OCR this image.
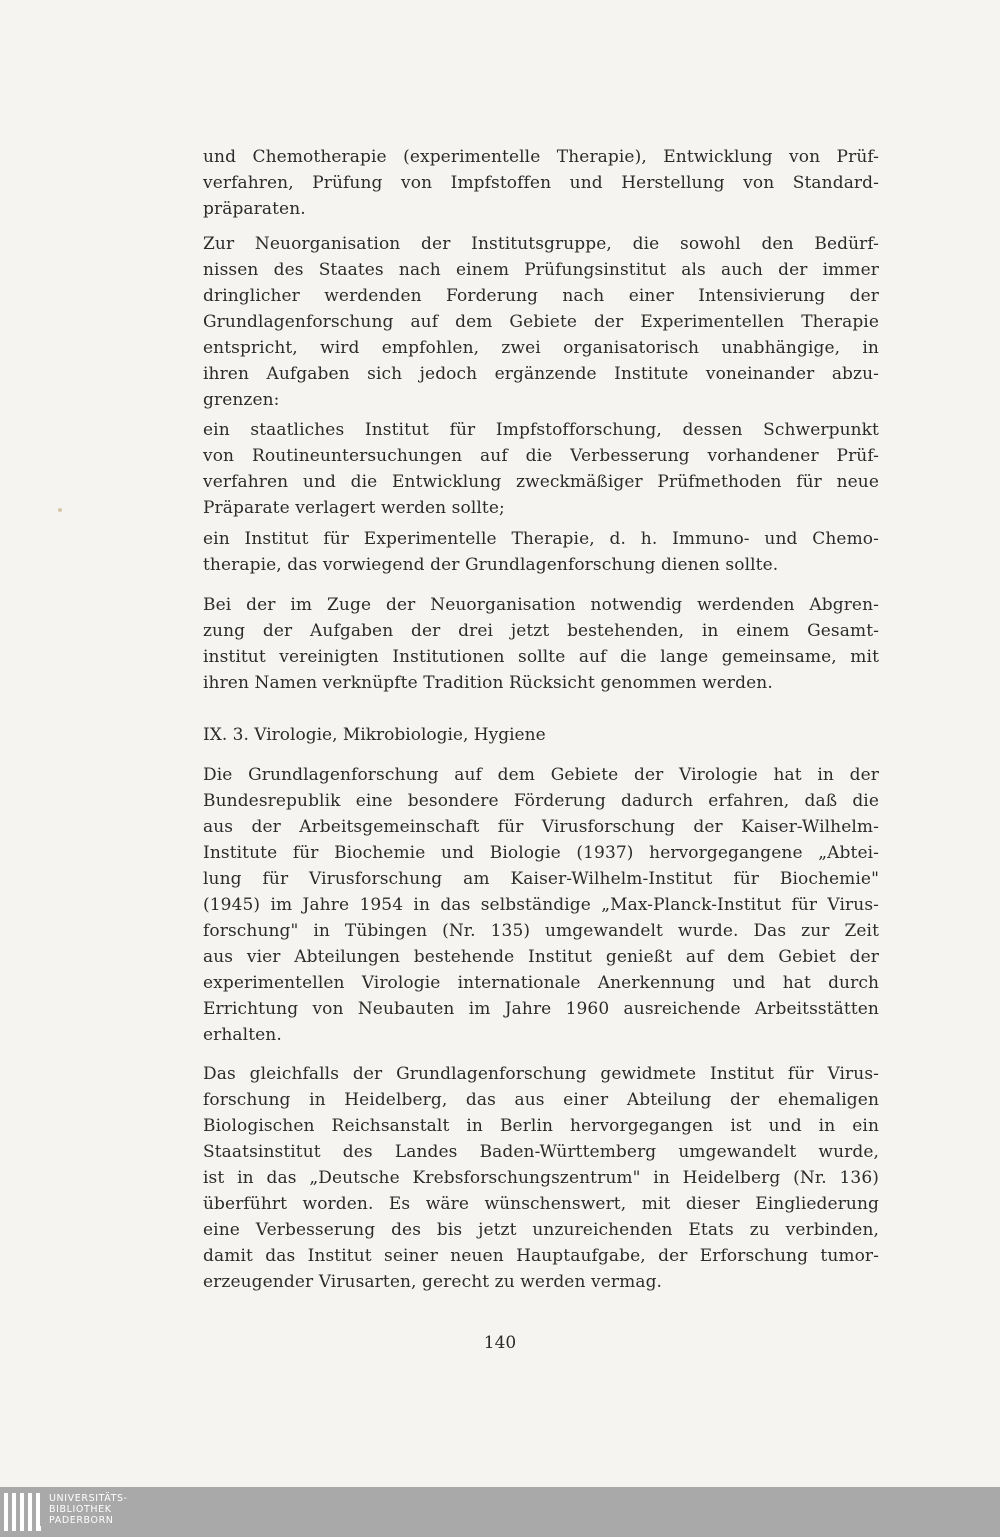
und Chemotherapie (experimentelle Therapie), Entwicklung von Prüf-
verfahren, Prüfung von Impfstoffen und Herstellung von Standard-
präparaten.
Zur Neuorganisation der Institutsgruppe, die sowohl den Bedürf-
nissen des Staates nach einem Prüfungsinstitut als auch der immer
dringlicher werdenden Forderung nach einer Intensivierung der
Grundlagenforschung auf dem Gebiete der Experimentellen Therapie
entspricht, wird empfohlen, zwei organisatorisch unabhängige, in
ihren Aufgaben sich jedoch ergänzende Institute voneinander abzu-
grenzen:
ein staatliches Institut für Impfstofforschung, dessen Schwerpunkt
von Routineuntersuchungen auf die Verbesserung vorhandener Prüf-
verfahren und die Entwicklung zweckmäßiger Prüfmethoden für neue
Präparate verlagert werden sollte;
ein Institut für Experimentelle Therapie, d. h. Immuno- und Chemo-
therapie, das vorwiegend der Grundlagenforschung dienen sollte.
Bei der im Zuge der Neuorganisation notwendig werdenden Abgren-
zung der Aufgaben der drei jetzt bestehenden, in einem Gesamt-
institut vereinigten Institutionen sollte auf die lange gemeinsame, mit
ihren Namen verknüpfte Tradition Rücksicht genommen werden.
IX. 3. Virologie, Mikrobiologie, Hygiene
Die Grundlagenforschung auf dem Gebiete der Virologie hat in der
Bundesrepublik eine besondere Förderung dadurch erfahren, daß die
aus der Arbeitsgemeinschaft für Virusforschung der Kaiser-Wilhelm-
Institute für Biochemie und Biologie (1937) hervorgegangene „Abtei-
lung für Virusforschung am Kaiser-Wilhelm-Institut für Biochemie"
(1945) im Jahre 1954 in das selbständige „Max-Planck-Institut für Virus-
forschung" in Tübingen (Nr. 135) umgewandelt wurde. Das zur Zeit
aus vier Abteilungen bestehende Institut genießt auf dem Gebiet der
experimentellen Virologie internationale Anerkennung und hat durch
Errichtung von Neubauten im Jahre 1960 ausreichende Arbeitsstätten
erhalten.
Das gleichfalls der Grundlagenforschung gewidmete Institut für Virus-
forschung in Heidelberg, das aus einer Abteilung der ehemaligen
Biologischen Reichsanstalt in Berlin hervorgegangen ist und in ein
Staatsinstitut des Landes Baden-Württemberg umgewandelt wurde,
ist in das „Deutsche Krebsforschungszentrum" in Heidelberg (Nr. 136)
überführt worden. Es wäre wünschenswert, mit dieser Eingliederung
eine Verbesserung des bis jetzt unzureichenden Etats zu verbinden,
damit das Institut seiner neuen Hauptaufgabe, der Erforschung tumor-
erzeugender Virusarten, gerecht zu werden vermag.
140
UNIVERSITÄTS-
BIBLIOTHEK
PADERBORN
